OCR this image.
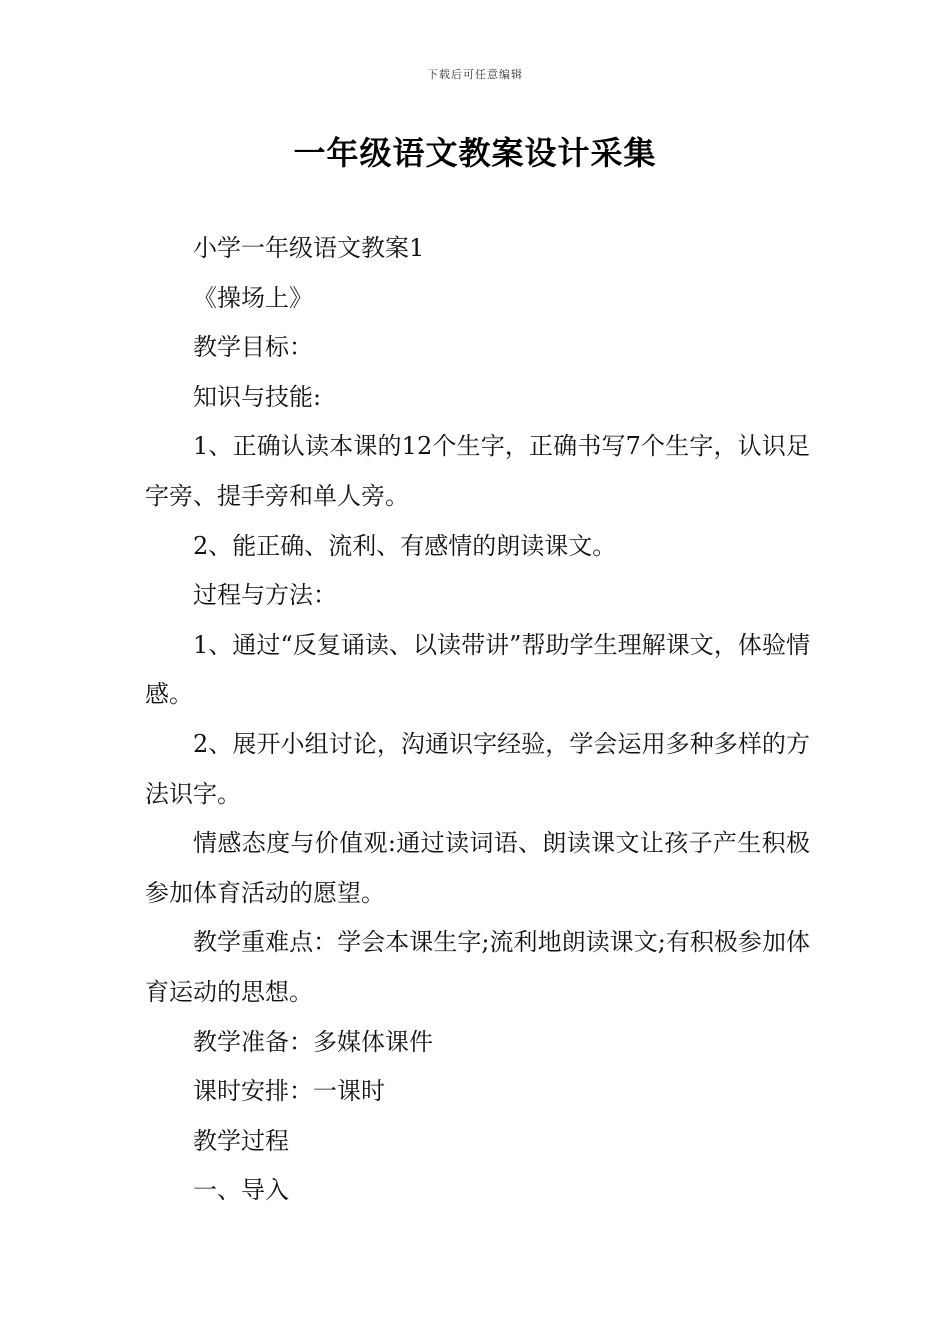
下载后可任意编辑
一年级语文教案设计采集

小学一年级语文教案1

《操场上》

教学目标：

知识与技能:

1、正确认读本课的12个生字，正确书写7个生字，认识足字旁、提手旁和单人旁。

2、能正确、流利、有感情的朗读课文。

过程与方法：

1、通过“反复诵读、以读带讲”帮助学生理解课文，体验情感。

2、展开小组讨论，沟通识字经验，学会运用多种多样的方法识字。

情感态度与价值观:通过读词语、朗读课文让孩子产生积极参加体育活动的愿望。

教学重难点：学会本课生字;流利地朗读课文;有积极参加体育运动的思想。

教学准备：多媒体课件

课时安排：一课时

教学过程

一、导入
